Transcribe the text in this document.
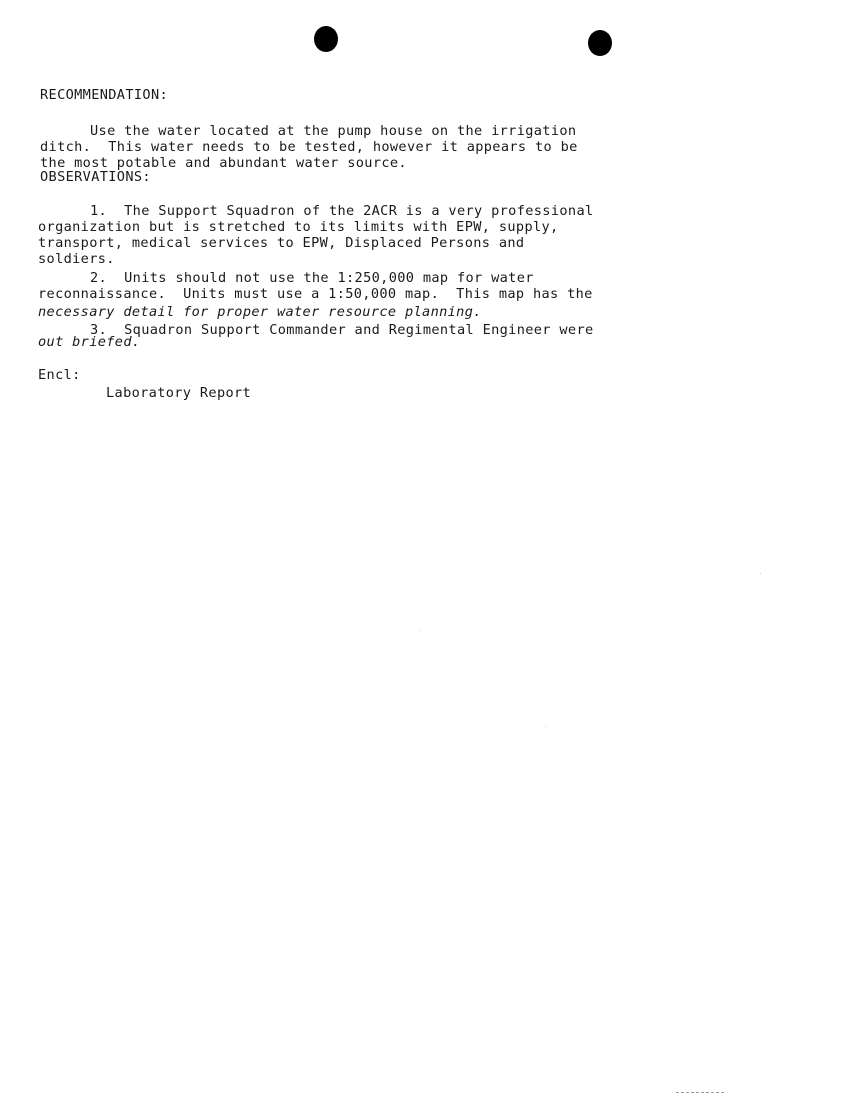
RECOMMENDATION:
Use the water located at the pump house on the irrigation
ditch.  This water needs to be tested, however it appears to be
the most potable and abundant water source.
OBSERVATIONS:
1.  The Support Squadron of the 2ACR is a very professional
organization but is stretched to its limits with EPW, supply,
transport, medical services to EPW, Displaced Persons and
soldiers.
2.  Units should not use the 1:250,000 map for water
reconnaissance.  Units must use a 1:50,000 map.  This map has the
necessary detail for proper water resource planning.
3.  Squadron Support Commander and Regimental Engineer were
out briefed.
Encl:
Laboratory Report
